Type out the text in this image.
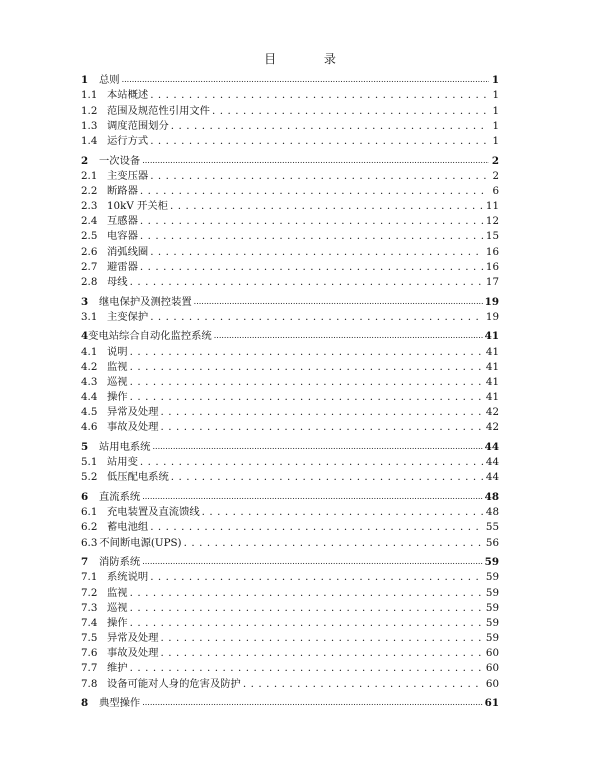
目 录
1	总则 .....	1
1.1 本站概述 . . .	1
1.2 范围及规范性引用文件 . . .	1
1.3 调度范围划分 . . .	1
1.4 运行方式 . . .	1
2	一次设备 .....	2
2.1 主变压器 . . .	2
2.2 断路器 . . .	6
2.3 10kV 开关柜 . . .	11
2.4 互感器 . . .	12
2.5 电容器 . . .	15
2.6 消弧线圈 . . .	16
2.7 避雷器 . . .	16
2.8 母线 . . .	17
3	继电保护及测控装置 .....	19
3.1 主变保护 . . .	19
4 变电站综合自动化监控系统 .....	41
4.1 说明 . . .	41
4.2 监视 . . .	41
4.3 巡视 . . .	41
4.4 操作 . . .	41
4.5 异常及处理 . . .	42
4.6 事故及处理 . . .	42
5	站用电系统 .....	44
5.1 站用变 . . .	44
5.2 低压配电系统 . . .	44
6	直流系统 .....	48
6.1 充电装置及直流馈线 . . .	48
6.2 蓄电池组 . . .	55
6.3 不间断电源(UPS) . . .	56
7	消防系统 .....	59
7.1 系统说明 . . .	59
7.2 监视 . . .	59
7.3 巡视 . . .	59
7.4 操作 . . .	59
7.5 异常及处理 . . .	59
7.6 事故及处理 . . .	60
7.7 维护 . . .	60
7.8 设备可能对人身的危害及防护 . . .	60
8	典型操作 .....	61
